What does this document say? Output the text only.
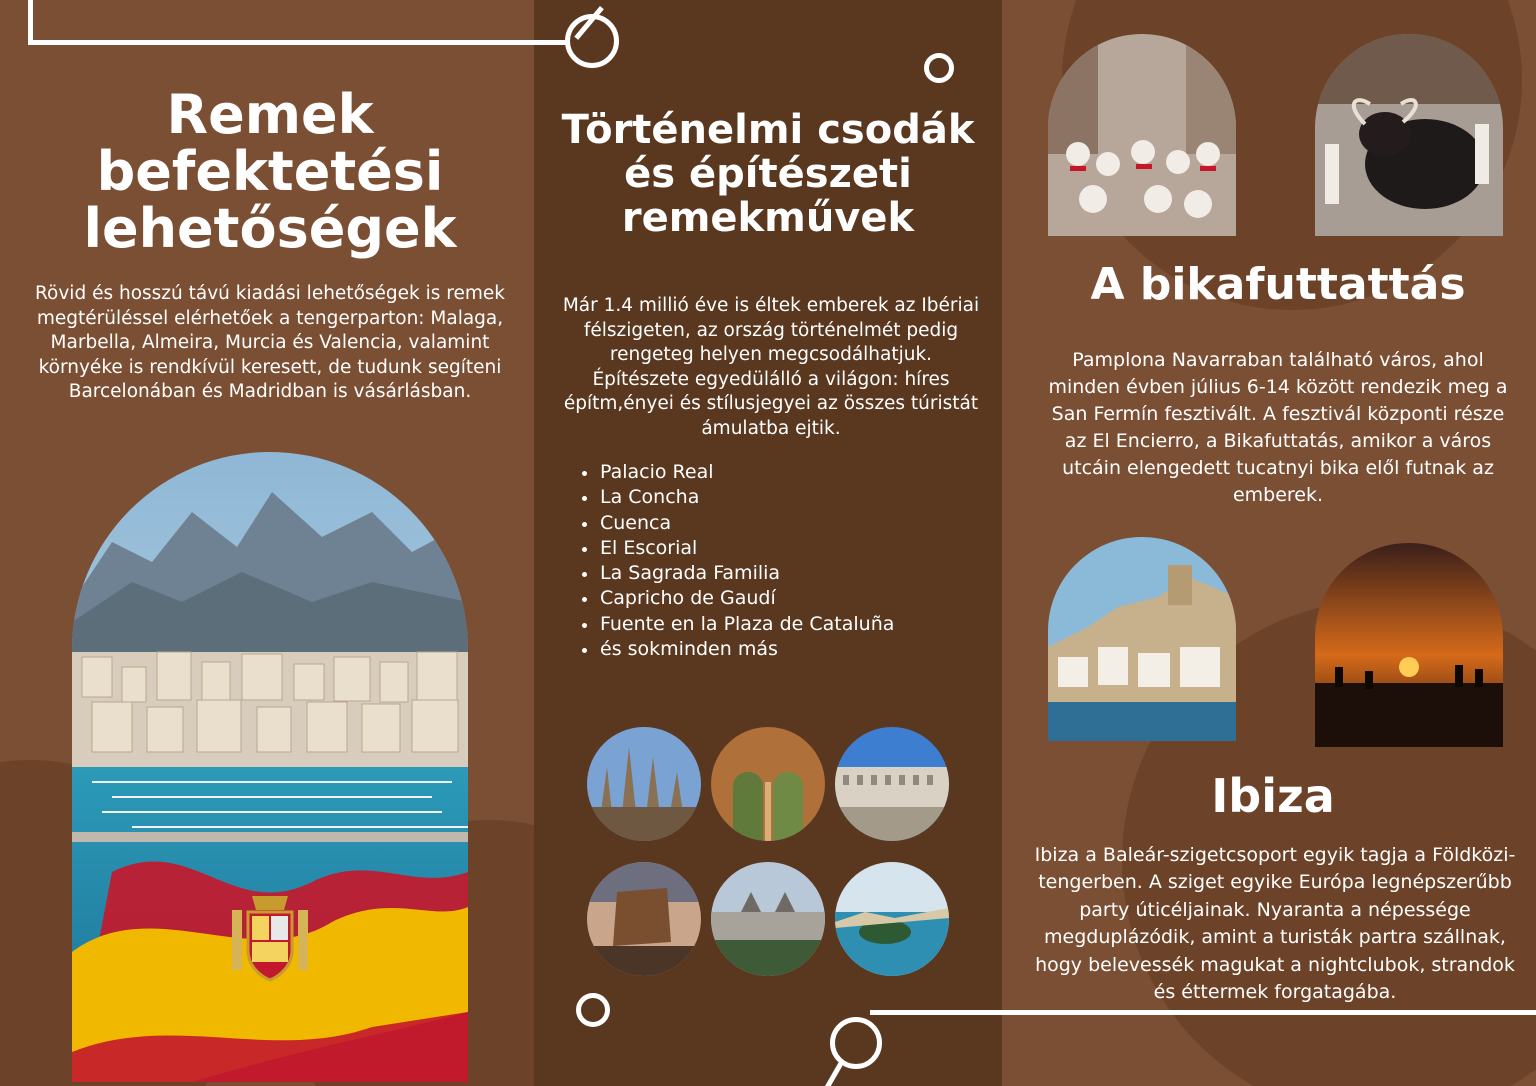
Remek befektetési lehetőségek
Rövid és hosszú távú kiadási lehetőségek is remek megtérüléssel elérhetőek a tengerparton: Malaga, Marbella, Almeira, Murcia és Valencia, valamint környéke is rendkívül keresett, de tudunk segíteni Barcelonában és Madridban is vásárlásban.
Történelmi csodák és építészeti remekművek
Már 1.4 millió éve is éltek emberek az Ibériai félszigeten, az ország történelmét pedig rengeteg helyen megcsodálhatjuk. Építészete egyedülálló a világon: híres építm,ényei és stílusjegyei az összes túristát ámulatba ejtik.
Palacio Real
La Concha
Cuenca
El Escorial
La Sagrada Familia
Capricho de Gaudí
Fuente en la Plaza de Cataluña
és sokminden más
A bikafuttattás
Pamplona Navarraban található város, ahol minden évben július 6-14 között rendezik meg a San Fermín fesztivált. A fesztivál központi része az El Encierro, a Bikafuttatás, amikor a város utcáin elengedett tucatnyi bika elől futnak az emberek.
Ibiza
Ibiza a Baleár-szigetcsoport egyik tagja a Földközi-tengerben. A sziget egyike Európa legnépszerűbb party úticéljainak. Nyaranta a népessége megduplázódik, amint a turisták partra szállnak, hogy belevessék magukat a nightclubok, strandok és éttermek forgatagába.
